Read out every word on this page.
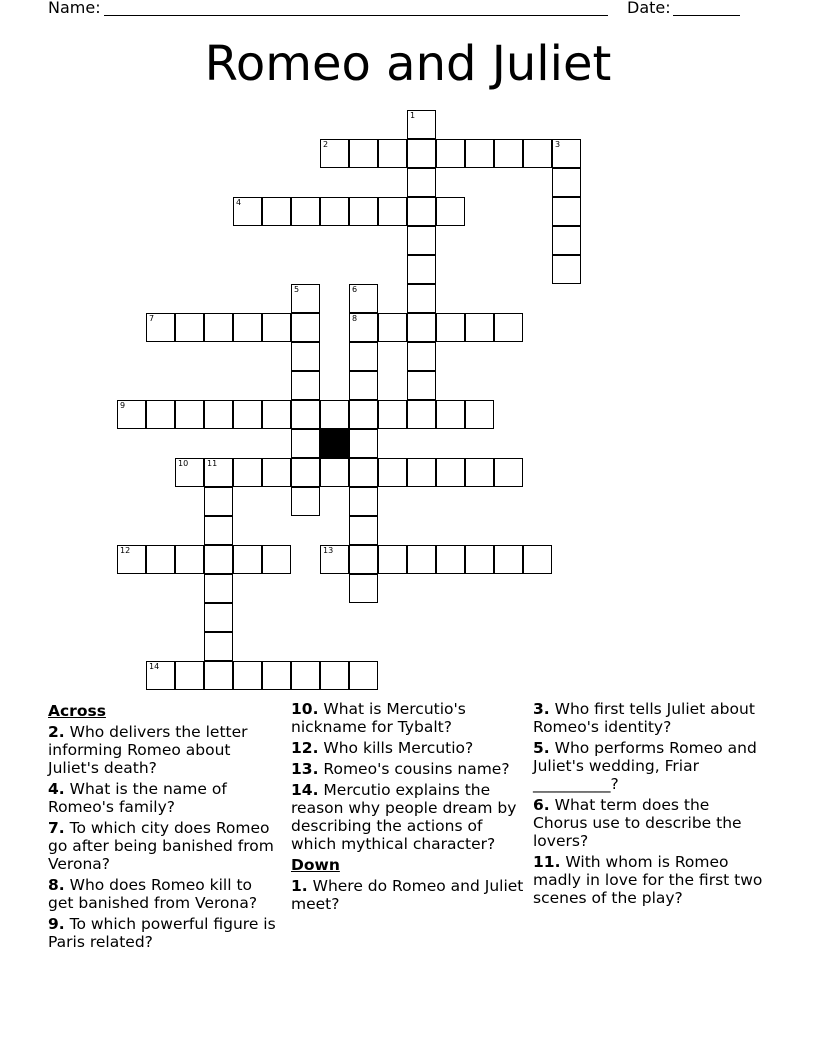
Name:	Date:
Romeo and Juliet
1
2	3
4
5	6
7	8
9
10 11
12	13
14
Across
2. Who delivers the letter informing Romeo about Juliet's death?
4. What is the name of Romeo's family?
7. To which city does Romeo go after being banished from Verona?
8. Who does Romeo kill to get banished from Verona?
9. To which powerful figure is Paris related?
10. What is Mercutio's nickname for Tybalt?
12. Who kills Mercutio?
13. Romeo's cousins name?
14. Mercutio explains the reason why people dream by describing the actions of which mythical character?
Down
1. Where do Romeo and Juliet meet?
3. Who first tells Juliet about Romeo's identity?
5. Who performs Romeo and Juliet's wedding, Friar __________?
6. What term does the Chorus use to describe the lovers?
11. With whom is Romeo madly in love for the first two scenes of the play?
